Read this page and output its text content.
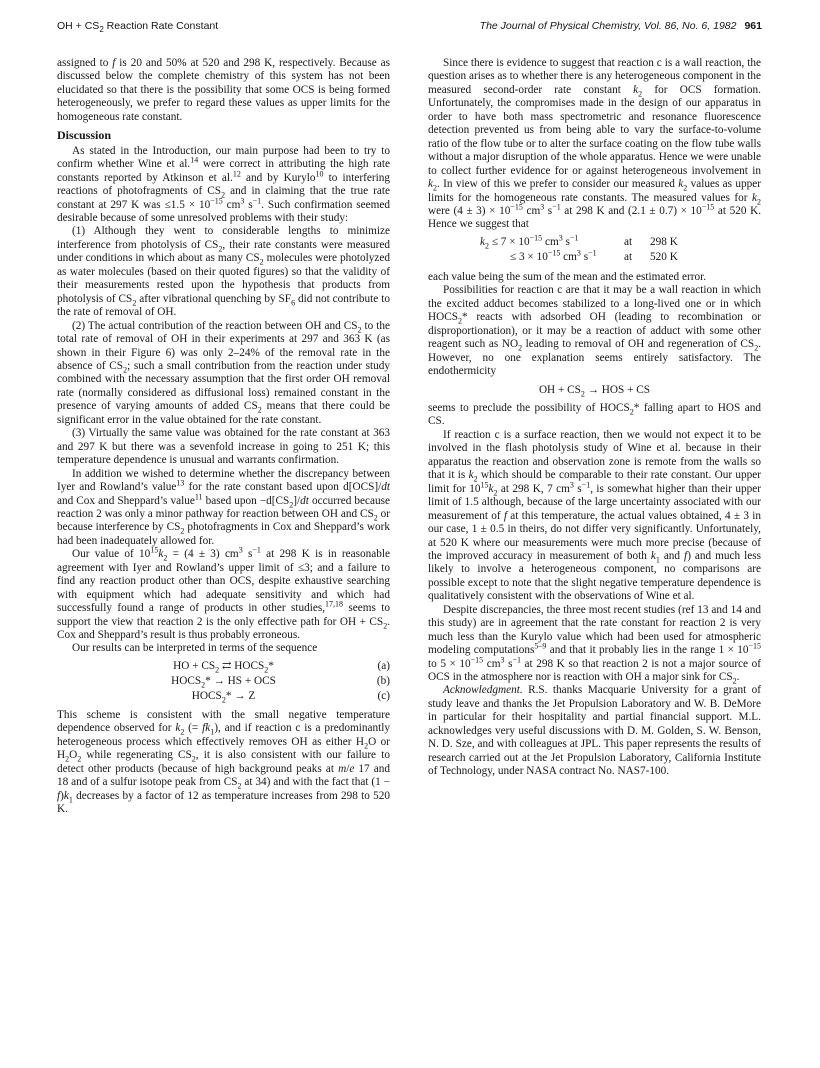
OH + $CS_2$ Reaction Rate Constant	The Journal of Physical Chemistry, Vol. 86, No. 6, 1982 961

assigned to f is 20 and 50% at 520 and 298 K, respectively. Because as discussed below the complete chemistry of this system has not been elucidated so that there is the possibility that some OCS is being formed heterogeneously, we prefer to regard these values as upper limits for the homogeneous rate constant.

Discussion

As stated in the Introduction, our main purpose had been to try to confirm whether Wine et al.$^{14}$ were correct in attributing the high rate constants reported by Atkinson et al.$^{12}$ and by Kurylo$^{10}$ to interfering reactions of photofragments of $CS_2$ and in claiming that the true rate constant at 297 K was $\le 1.5 \times 10^{-15}$ $cm^3$ $s^{-1}$. Such confirmation seemed desirable because of some unresolved problems with their study:

(1) Although they went to considerable lengths to minimize interference from photolysis of $CS_2$, their rate constants were measured under conditions in which about as many $CS_2$ molecules were photolyzed as water molecules (based on their quoted figures) so that the validity of their measurements rested upon the hypothesis that products from photolysis of $CS_2$ after vibrational quenching by $SF_6$ did not contribute to the rate of removal of OH.

(2) The actual contribution of the reaction between OH and $CS_2$ to the total rate of removal of OH in their experiments at 297 and 363 K (as shown in their Figure 6) was only 2–24% of the removal rate in the absence of $CS_2$; such a small contribution from the reaction under study combined with the necessary assumption that the first order OH removal rate (normally considered as diffusional loss) remained constant in the presence of varying amounts of added $CS_2$ means that there could be significant error in the value obtained for the rate constant.

(3) Virtually the same value was obtained for the rate constant at 363 and 297 K but there was a sevenfold increase in going to 251 K; this temperature dependence is unusual and warrants confirmation.

In addition we wished to determine whether the discrepancy between Iyer and Rowland’s value$^{13}$ for the rate constant based upon d[OCS]/dt and Cox and Sheppard’s value$^{11}$ based upon $-d[CS_2]/dt$ occurred because reaction 2 was only a minor pathway for reaction between OH and $CS_2$ or because interference by $CS_2$ photofragments in Cox and Sheppard’s work had been inadequately allowed for.

Our value of $10^{15}k_2 = (4 \pm 3)$ $cm^3$ $s^{-1}$ at 298 K is in reasonable agreement with Iyer and Rowland’s upper limit of ≤3; and a failure to find any reaction product other than OCS, despite exhaustive searching with equipment which had adequate sensitivity and which had successfully found a range of products in other studies,$^{17,18}$ seems to support the view that reaction 2 is the only effective path for OH + $CS_2$. Cox and Sheppard’s result is thus probably erroneous.

Our results can be interpreted in terms of the sequence

HO + $CS_2$ ⇄ $HOCS_2*$	(a)
$HOCS_2*$ → HS + OCS	(b)
$HOCS_2* \to Z$	(c)

This scheme is consistent with the small negative temperature dependence observed for $k_2$ (= $fk_1$), and if reaction c is a predominantly heterogeneous process which effectively removes OH as either $H_2O$ or $H_2O_2$ while regenerating $CS_2$, it is also consistent with our failure to detect other products (because of high background peaks at m/e 17 and 18 and of a sulfur isotope peak from $CS_2$ at 34) and with the fact that $(1 - f)k_1$ decreases by a factor of 12 as temperature increases from 298 to 520 K.

Since there is evidence to suggest that reaction c is a wall reaction, the question arises as to whether there is any heterogeneous component in the measured second-order rate constant $k_2$ for OCS formation. Unfortunately, the compromises made in the design of our apparatus in order to have both mass spectrometric and resonance fluorescence detection prevented us from being able to vary the surface-to-volume ratio of the flow tube or to alter the surface coating on the flow tube walls without a major disruption of the whole apparatus. Hence we were unable to collect further evidence for or against heterogeneous involvement in $k_2$. In view of this we prefer to consider our measured $k_2$ values as upper limits for the homogeneous rate constants. The measured values for $k_2$ were $(4 \pm 3) \times 10^{-15}$ $cm^3$ $s^{-1}$ at 298 K and $(2.1 \pm 0.7) \times 10^{-15}$ at 520 K. Hence we suggest that

$k_2 \le 7 \times 10^{-15}$ $cm^3$ $s^{-1}$	at 298 K
≤ $3 \times 10^{-15}$ $cm^3$ $s^{-1}$ at 520 K

each value being the sum of the mean and the estimated error.

Possibilities for reaction c are that it may be a wall reaction in which the excited adduct becomes stabilized to a long-lived one or in which $HOCS_2*$ reacts with adsorbed OH (leading to recombination or disproportionation), or it may be a reaction of adduct with some other reagent such as $NO_2$ leading to removal of OH and regeneration of $CS_2$. However, no one explanation seems entirely satisfactory. The endothermicity

OH + $CS_2$ → HOS + CS

seems to preclude the possibility of $HOCS_2*$ falling apart to HOS and CS.

If reaction c is a surface reaction, then we would not expect it to be involved in the flash photolysis study of Wine et al. because in their apparatus the reaction and observation zone is remote from the walls so that it is $k_2$ which should be comparable to their rate constant. Our upper limit for $10^{15}k_2$ at 298 K, 7 $cm^3$ $s^{-1}$, is somewhat higher than their upper limit of 1.5 although, because of the large uncertainty associated with our measurement of f at this temperature, the actual values obtained, 4 ± 3 in our case, 1 ± 0.5 in theirs, do not differ very significantly. Unfortunately, at 520 K where our measurements were much more precise (because of the improved accuracy in measurement of both $k_1$ and f) and much less likely to involve a heterogeneous component, no comparisons are possible except to note that the slight negative temperature dependence is qualitatively consistent with the observations of Wine et al.

Despite discrepancies, the three most recent studies (ref 13 and 14 and this study) are in agreement that the rate constant for reaction 2 is very much less than the Kurylo value which had been used for atmospheric modeling computations$^{5-9}$ and that it probably lies in the range $1 \times 10^{-15}$ to $5 \times 10^{-15}$ $cm^3$ $s^{-1}$ at 298 K so that reaction 2 is not a major source of OCS in the atmosphere nor is reaction with OH a major sink for $CS_2$.

Acknowledgment. R.S. thanks Macquarie University for a grant of study leave and thanks the Jet Propulsion Laboratory and W. B. DeMore in particular for their hospitality and partial financial support. M.L. acknowledges very useful discussions with D. M. Golden, S. W. Benson, N. D. Sze, and with colleagues at JPL. This paper represents the results of research carried out at the Jet Propulsion Laboratory, California Institute of Technology, under NASA contract No. NAS7-100.
